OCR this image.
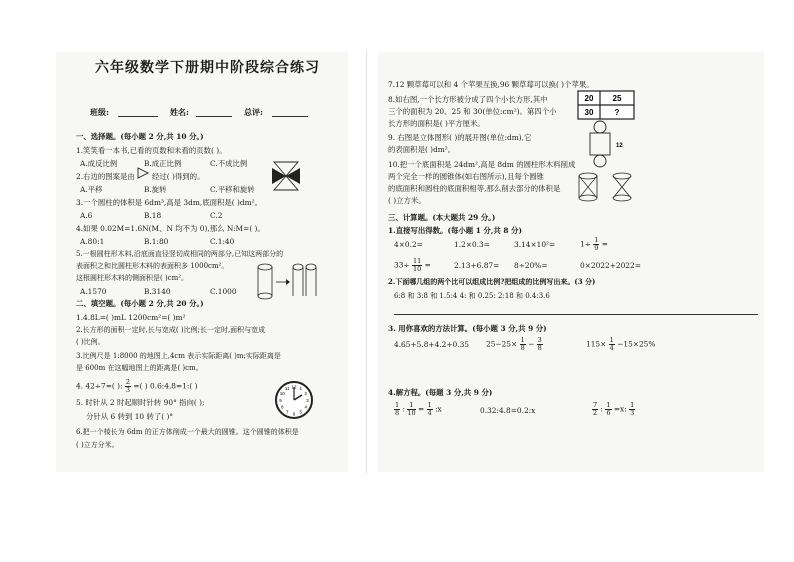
六年级数学下册期中阶段综合练习
班级:	姓名:	总评:
一、选择题。(每小题 2 分,共 10 分。)
1.笑笑看一本书,已看的页数和未看的页数( )。
A.成反比例	B.成正比例	C.不成比例
2.右边的图案是由 经过( )得到的。
A.平移	B.旋转	C.平移和旋转
3.一个圆柱的体积是 6dm³,高是 3dm,底面积是( )dm²。
A.6	B.18	C.2
4.如果 0.02M=1.6N(M、N 均不为 0),那么 N:M=( )。
A.80:1	B.1:80	C.1:40
5.一根圆柱形木料,沿底面直径竖切成相同的两部分,已知这两部分的
表面积之和比圆柱形木料的表面积多 1000cm²。
这根圆柱形木料的侧面积是( )cm²。
A.1570	B.3140	C.1000
二、填空题。(每小题 2 分,共 20 分。)
1.4.8L=( )mL 1200cm²=( )m²
2.长方形的面积一定时,长与宽成( )比例;长一定时,面积与宽成
( )比例。
3.比例尺是 1:8000 的地图上,4cm 表示实际距离( )m;实际距离是
是 600m 在这幅地图上的距离是( )cm。
4. 42÷7=( ): $\frac{2}{3}$ =( ) 0.6:4.8=1:( )
5. 时针从 2 时起顺时针转 90° 指向( );
分针从 6 转到 10 转了( )°
12 1
2
3
4
5
6
7
8
9
10
11
6.把一个棱长为 6dm 的正方体削成一个最大的圆锥。这个圆锥的体积是
( )立方分米。
7.12 颗草莓可以和 4 个苹果互换,96 颗草莓可以换( )个苹果。
8.如右图,一个长方形被分成了四个小长方形,其中
三个的面积为 20、25 和 30(单位:cm²)。第四个小
长方形的面积是( )平方厘米。
20 25
30	?
9. 右图是立体图形( )的展开图(单位:dm),它
的表面积是( )dm²。	12
10.把一个底面积是 24dm²,高是 8dm 的圆柱形木料削成
两个完全一样的圆锥体(如右图所示),且每个圆锥
的底面积和圆柱的底面积相等,那么削去部分的体积是
( )立方米。
三、计算题。(本大题共 29 分。)
1.直接写出得数。(每小题 1 分,共 8 分)
4×0.2=	1.2×0.3=	3.14×10²=	$1\div \frac{1}{9}$ =
$33\div \frac{11}{10}$ =	2.13+6.87= 8÷20%=	0×2022+2022=
2.下面哪几组的两个比可以组成比例?把组成的比例写出来。(3 分)
6:8 和 3:8 和 1.5:4 4: 和 0.25: 2:18 和 0.4:3.6
3. 用你喜欢的方法计算。(每小题 3 分,共 9 分)
4.65+5.8+4.2+0.35 $25-25\times \frac{1}{8} - \frac{3}{8}$	$115\times \frac{1}{4} -15\times 25\%$
4.解方程。(每题 3 分,共 9 分)
$\frac{1}{8}$ : $\frac{1}{10} = \frac{1}{4}$ :x	0.32:4.8=0.2:x	$\frac{7}{2}$ : $\frac{1}{6} =x$: $\frac{1}{3}$
